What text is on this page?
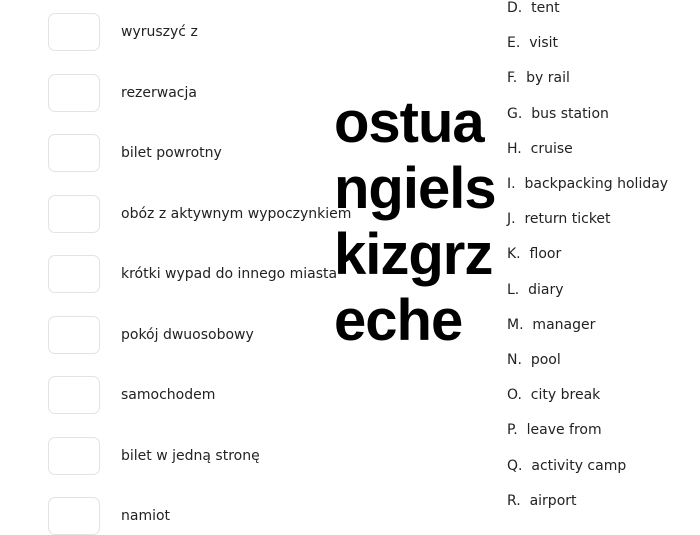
wyruszyć z
rezerwacja
bilet powrotny
obóz z aktywnym wypoczynkiem
krótki wypad do innego miasta
pokój dwuosobowy
samochodem
bilet w jedną stronę
namiot
D.  tent
E.  visit
F.  by rail
G.  bus station
H.  cruise
I.  backpacking holiday
J.  return ticket
K.  floor
L.  diary
M.  manager
N.  pool
O.  city break
P.  leave from
Q.  activity camp
R.  airport
ostuangielskizgrzeche
